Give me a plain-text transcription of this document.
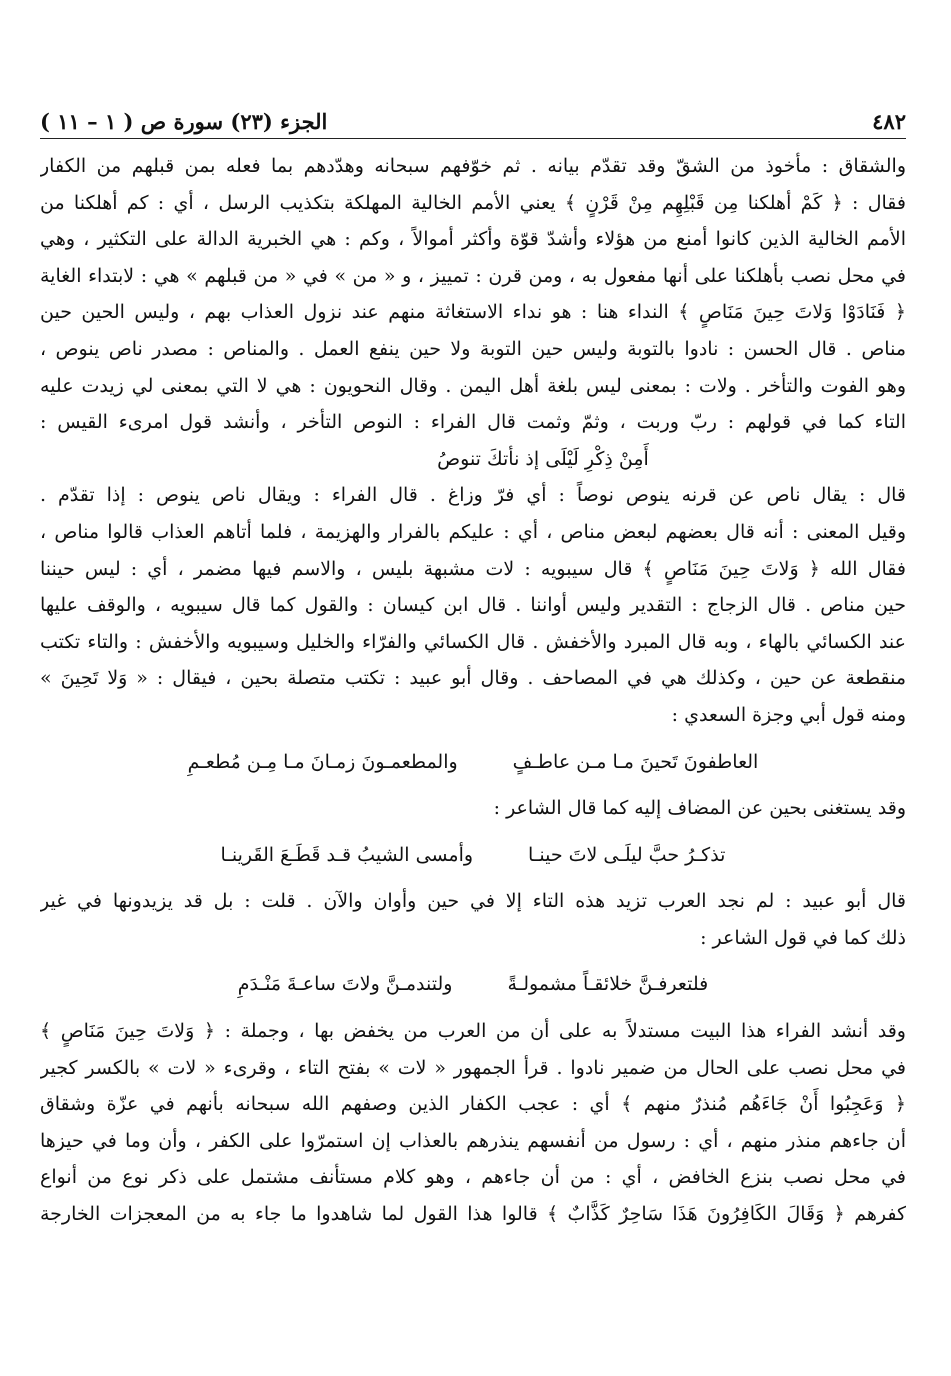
٤٨٢
الجزء (٢٣) سورة ص ( ١ – ١١ )
والشقاق : مأخوذ من الشقّ وقد تقدّم بيانه . ثم خوّفهم سبحانه وهدّدهم بما فعله بمن قبلهم من الكفار
فقال : ﴿ كَمْ أهلكنا مِن قَبْلِهِم مِنْ قَرْنٍ ﴾ يعني الأمم الخالية المهلكة بتكذيب الرسل ، أي : كم أهلكنا من
الأمم الخالية الذين كانوا أمنع من هؤلاء وأشدّ قوّة وأكثر أموالاً ، وكم : هي الخبرية الدالة على التكثير ، وهي
في محل نصب بأهلكنا على أنها مفعول به ، ومن قرن : تمييز ، و « من » في « من قبلهم » هي : لابتداء الغاية
﴿ فَنَادَوْا وَلاتَ حِينَ مَنَاصٍ ﴾ النداء هنا : هو نداء الاستغاثة منهم عند نزول العذاب بهم ، وليس الحين حين
مناص . قال الحسن : نادوا بالتوبة وليس حين التوبة ولا حين ينفع العمل . والمناص : مصدر ناص ينوص ،
وهو الفوت والتأخر . ولات : بمعنى ليس بلغة أهل اليمن . وقال النحويون : هي لا التي بمعنى لي زيدت عليه
التاء كما في قولهم : ربّ وربت ، وثمّ وثمت قال الفراء : النوص التأخر ، وأنشد قول امرىء القيس :
أَمِنْ ذِكْرِ لَيْلَى إذ نأتكَ تنوصُ
قال : يقال ناص عن قرنه ينوص نوصاً : أي فرّ وزاغ . قال الفراء : ويقال ناص ينوص : إذا تقدّم .
وقيل المعنى : أنه قال بعضهم لبعض مناص ، أي : عليكم بالفرار والهزيمة ، فلما أتاهم العذاب قالوا مناص ،
فقال الله ﴿ وَلاتَ حِينَ مَنَاصٍ ﴾ قال سيبويه : لات مشبهة بليس ، والاسم فيها مضمر ، أي : ليس حيننا
حين مناص . قال الزجاج : التقدير وليس أواننا . قال ابن كيسان : والقول كما قال سيبويه ، والوقف عليها
عند الكسائي بالهاء ، وبه قال المبرد والأخفش . قال الكسائي والفرّاء والخليل وسيبويه والأخفش : والتاء تكتب
منقطعة عن حين ، وكذلك هي في المصاحف . وقال أبو عبيد : تكتب متصلة بحين ، فيقال : « وَلا تَحِينَ »
ومنه قول أبي وجزة السعدي :
العاطفونَ تَحينَ مـا مـن عاطـفٍ
والمطعمـونَ زمـانَ مـا مِـن مُطعـمِ
وقد يستغنى بحين عن المضاف إليه كما قال الشاعر :
تذكـرُ حبَّ ليلَـى لاتَ حينـا
وأمسى الشيبُ قـد قَطَـعَ القَرينـا
قال أبو عبيد : لم نجد العرب تزيد هذه التاء إلا في حين وأوان والآن . قلت : بل قد يزيدونها في غير
ذلك كما في قول الشاعر :
فلتعرفـنَّ خلائقـاً مشمولـةً
ولتندمـنَّ ولاتَ ساعـةَ مَنْـدَمِ
وقد أنشد الفراء هذا البيت مستدلاً به على أن من العرب من يخفض بها ، وجملة : ﴿ وَلاتَ حِينَ مَنَاصٍ ﴾
في محل نصب على الحال من ضمير نادوا . قرأ الجمهور « لات » بفتح التاء ، وقرىء « لات » بالكسر كجير
﴿ وَعَجِبُوا أَنْ جَاءَهُم مُنذرٌ منهم ﴾ أي : عجب الكفار الذين وصفهم الله سبحانه بأنهم في عزّة وشقاق
أن جاءهم منذر منهم ، أي : رسول من أنفسهم ينذرهم بالعذاب إن استمرّوا على الكفر ، وأن وما في حيزها
في محل نصب بنزع الخافض ، أي : من أن جاءهم ، وهو كلام مستأنف مشتمل على ذكر نوع من أنواع
كفرهم ﴿ وَقَالَ الكَافِرُونَ هَذَا سَاحِرٌ كَذَّابٌ ﴾ قالوا هذا القول لما شاهدوا ما جاء به من المعجزات الخارجة
